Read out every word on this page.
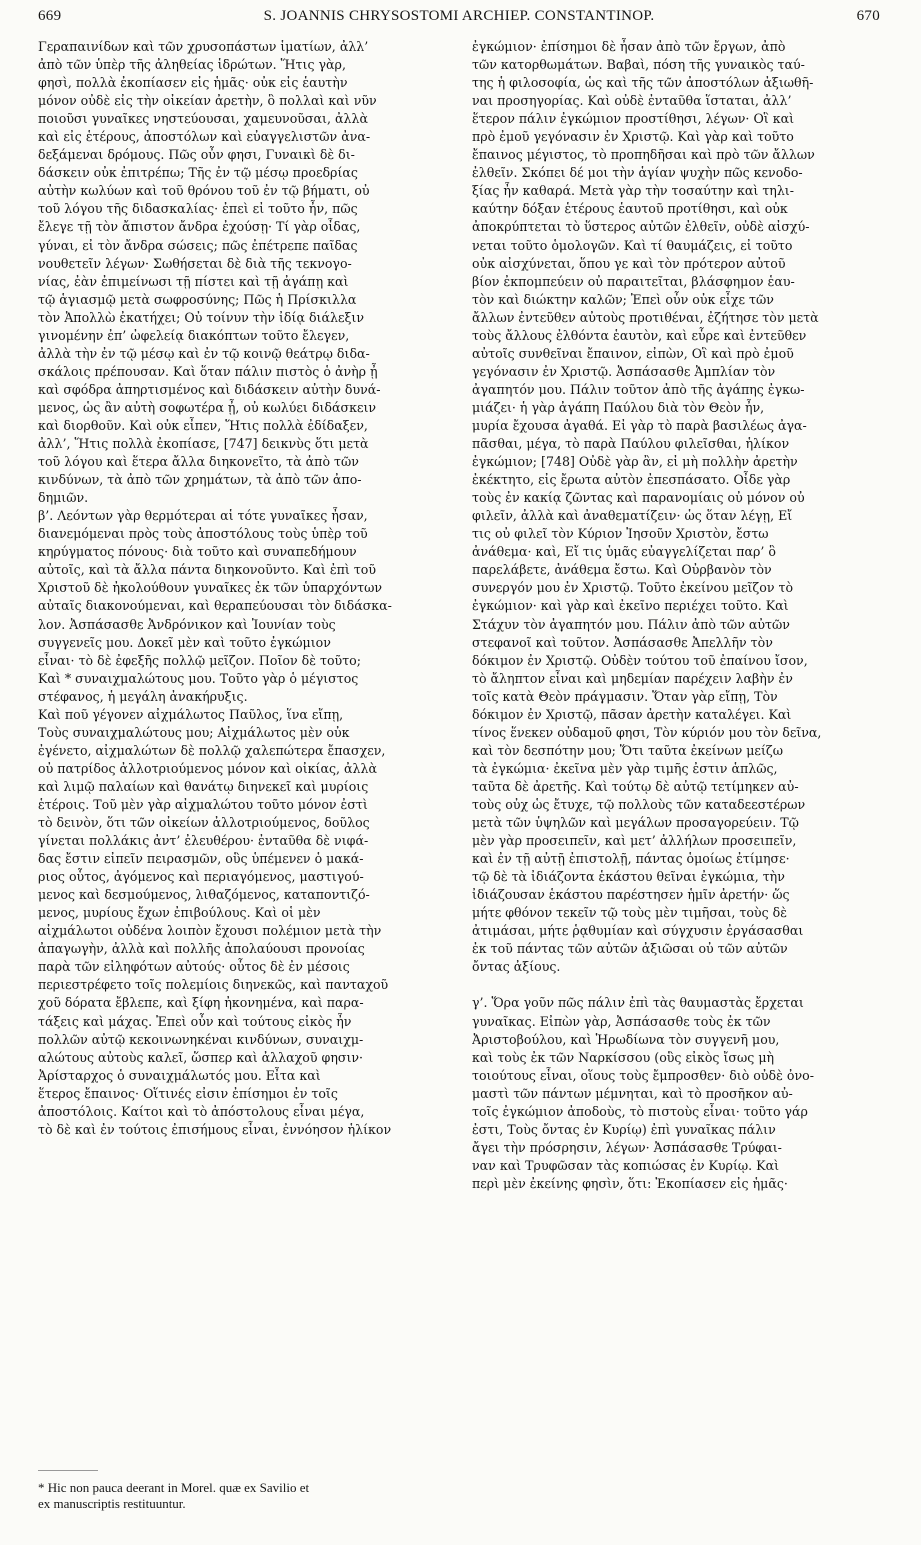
669	S. JOANNIS CHRYSOSTOMI ARCHIEP. CONSTANTINOP.	670
Γεραπαινίδων καὶ τῶν χρυσοπάστων ἱματίων, ἀλλ’
ἀπὸ τῶν ὑπὲρ τῆς ἀληθείας ἱδρώτων. Ἥτις γὰρ,
φησὶ, πολλὰ ἐκοπίασεν εἰς ἡμᾶς· οὐκ εἰς ἑαυτὴν
μόνον οὐδὲ εἰς τὴν οἰκείαν ἀρετὴν, ὃ πολλαὶ καὶ νῦν
ποιοῦσι γυναῖκες νηστεύουσαι, χαμευνοῦσαι, ἀλλὰ
καὶ εἰς ἑτέρους, ἀποστόλων καὶ εὐαγγελιστῶν ἀνα-
δεξάμεναι δρόμους. Πῶς οὖν φησι, Γυναικὶ δὲ δι-
δάσκειν οὐκ ἐπιτρέπω; Τῆς ἐν τῷ μέσῳ προεδρίας
αὐτὴν κωλύων καὶ τοῦ θρόνου τοῦ ἐν τῷ βήματι, οὐ
τοῦ λόγου τῆς διδασκαλίας· ἐπεὶ εἰ τοῦτο ἦν, πῶς
ἔλεγε τῇ τὸν ἄπιστον ἄνδρα ἐχούσῃ· Τί γὰρ οἶδας,
γύναι, εἰ τὸν ἄνδρα σώσεις; πῶς ἐπέτρεπε παῖδας
νουθετεῖν λέγων· Σωθήσεται δὲ διὰ τῆς τεκνογο-
νίας, ἐὰν ἐπιμείνωσι τῇ πίστει καὶ τῇ ἀγάπῃ καὶ
τῷ ἁγιασμῷ μετὰ σωφροσύνης; Πῶς ἡ Πρίσκιλλα
τὸν Ἀπολλὼ ἐκατήχει; Οὐ τοίνυν τὴν ἰδίᾳ διάλεξιν
γινομένην ἐπ’ ὠφελείᾳ διακόπτων τοῦτο ἔλεγεν,
ἀλλὰ τὴν ἐν τῷ μέσῳ καὶ ἐν τῷ κοινῷ θεάτρῳ διδα-
σκάλοις πρέπουσαν. Καὶ ὅταν πάλιν πιστὸς ὁ ἀνὴρ ᾖ
καὶ σφόδρα ἀπηρτισμένος καὶ διδάσκειν αὐτὴν δυνά-
μενος, ὡς ἂν αὐτὴ σοφωτέρα ᾖ, οὐ κωλύει διδάσκειν
καὶ διορθοῦν. Καὶ οὐκ εἶπεν, Ἥτις πολλὰ ἐδίδαξεν,
ἀλλ’, Ἥτις πολλὰ ἐκοπίασε, [747] δεικνὺς ὅτι μετὰ
τοῦ λόγου καὶ ἕτερα ἄλλα διηκονεῖτο, τὰ ἀπὸ τῶν
κινδύνων, τὰ ἀπὸ τῶν χρημάτων, τὰ ἀπὸ τῶν ἀπο-
δημιῶν.
β’. Λεόντων γὰρ θερμότεραι αἱ τότε γυναῖκες ἦσαν,
διανεμόμεναι πρὸς τοὺς ἀποστόλους τοὺς ὑπὲρ τοῦ
κηρύγματος πόνους· διὰ τοῦτο καὶ συναπεδήμουν
αὐτοῖς, καὶ τὰ ἄλλα πάντα διηκονοῦντο. Καὶ ἐπὶ τοῦ
Χριστοῦ δὲ ἠκολούθουν γυναῖκες ἐκ τῶν ὑπαρχόντων
αὐταῖς διακονούμεναι, καὶ θεραπεύουσαι τὸν διδάσκα-
λον. Ἀσπάσασθε Ἀνδρόνικον καὶ Ἰουνίαν τοὺς
συγγενεῖς μου. Δοκεῖ μὲν καὶ τοῦτο ἐγκώμιον
εἶναι· τὸ δὲ ἐφεξῆς πολλῷ μεῖζον. Ποῖον δὲ τοῦτο;
Καὶ * συναιχμαλώτους μου. Τοῦτο γὰρ ὁ μέγιστος
στέφανος, ἡ μεγάλη ἀνακήρυξις.
Καὶ ποῦ γέγονεν αἰχμάλωτος Παῦλος, ἵνα εἴπῃ,
Τοὺς συναιχμαλώτους μου; Αἰχμάλωτος μὲν οὐκ
ἐγένετο, αἰχμαλώτων δὲ πολλῷ χαλεπώτερα ἔπασχεν,
οὐ πατρίδος ἀλλοτριούμενος μόνον καὶ οἰκίας, ἀλλὰ
καὶ λιμῷ παλαίων καὶ θανάτῳ διηνεκεῖ καὶ μυρίοις
ἑτέροις. Τοῦ μὲν γὰρ αἰχμαλώτου τοῦτο μόνον ἐστὶ
τὸ δεινὸν, ὅτι τῶν οἰκείων ἀλλοτριούμενος, δοῦλος
γίνεται πολλάκις ἀντ’ ἐλευθέρου· ἐνταῦθα δὲ νιφά-
δας ἔστιν εἰπεῖν πειρασμῶν, οὓς ὑπέμενεν ὁ μακά-
ριος οὗτος, ἀγόμενος καὶ περιαγόμενος, μαστιγού-
μενος καὶ δεσμούμενος, λιθαζόμενος, καταποντιζό-
μενος, μυρίους ἔχων ἐπιβούλους. Καὶ οἱ μὲν
αἰχμάλωτοι οὐδένα λοιπὸν ἔχουσι πολέμιον μετὰ τὴν
ἀπαγωγὴν, ἀλλὰ καὶ πολλῆς ἀπολαύουσι προνοίας
παρὰ τῶν εἰληφότων αὐτούς· οὗτος δὲ ἐν μέσοις
περιεστρέφετο τοῖς πολεμίοις διηνεκῶς, καὶ πανταχοῦ
χοῦ δόρατα ἔβλεπε, καὶ ξίφη ἠκονημένα, καὶ παρα-
τάξεις καὶ μάχας. Ἐπεὶ οὖν καὶ τούτους εἰκὸς ἦν
πολλῶν αὐτῷ κεκοινωνηκέναι κινδύνων, συναιχμ-
αλώτους αὐτοὺς καλεῖ, ὥσπερ καὶ ἀλλαχοῦ φησιν·
Ἀρίσταρχος ὁ συναιχμάλωτός μου. Εἶτα καὶ
ἕτερος ἔπαινος· Οἵτινές εἰσιν ἐπίσημοι ἐν τοῖς
ἀποστόλοις. Καίτοι καὶ τὸ ἀπόστολους εἶναι μέγα,
τὸ δὲ καὶ ἐν τούτοις ἐπισήμους εἶναι, ἐννόησον ἡλίκον
ἐγκώμιον· ἐπίσημοι δὲ ἦσαν ἀπὸ τῶν ἔργων, ἀπὸ
τῶν κατορθωμάτων. Βαβαὶ, πόση τῆς γυναικὸς ταύ-
της ἡ φιλοσοφία, ὡς καὶ τῆς τῶν ἀποστόλων ἀξιωθῆ-
ναι προσηγορίας. Καὶ οὐδὲ ἐνταῦθα ἵσταται, ἀλλ’
ἕτερον πάλιν ἐγκώμιον προστίθησι, λέγων· Οἳ καὶ
πρὸ ἐμοῦ γεγόνασιν ἐν Χριστῷ. Καὶ γὰρ καὶ τοῦτο
ἔπαινος μέγιστος, τὸ προπηδῆσαι καὶ πρὸ τῶν ἄλλων
ἐλθεῖν. Σκόπει δέ μοι τὴν ἁγίαν ψυχὴν πῶς κενοδο-
ξίας ἦν καθαρά. Μετὰ γὰρ τὴν τοσαύτην καὶ τηλι-
καύτην δόξαν ἑτέρους ἑαυτοῦ προτίθησι, καὶ οὐκ
ἀποκρύπτεται τὸ ὕστερος αὐτῶν ἐλθεῖν, οὐδὲ αἰσχύ-
νεται τοῦτο ὁμολογῶν. Καὶ τί θαυμάζεις, εἰ τοῦτο
οὐκ αἰσχύνεται, ὅπου γε καὶ τὸν πρότερον αὐτοῦ
βίον ἐκπομπεύειν οὐ παραιτεῖται, βλάσφημον ἑαυ-
τὸν καὶ διώκτην καλῶν; Ἐπεὶ οὖν οὐκ εἶχε τῶν
ἄλλων ἐντεῦθεν αὐτοὺς προτιθέναι, ἐζήτησε τὸν μετὰ
τοὺς ἄλλους ἐλθόντα ἑαυτὸν, καὶ εὗρε καὶ ἐντεῦθεν
αὐτοῖς συνθεῖναι ἔπαινον, εἰπὼν, Οἳ καὶ πρὸ ἐμοῦ
γεγόνασιν ἐν Χριστῷ. Ἀσπάσασθε Ἀμπλίαν τὸν
ἀγαπητόν μου. Πάλιν τοῦτον ἀπὸ τῆς ἀγάπης ἐγκω-
μιάζει· ἡ γὰρ ἀγάπη Παύλου διὰ τὸν Θεὸν ἦν,
μυρία ἔχουσα ἀγαθά. Εἰ γὰρ τὸ παρὰ βασιλέως ἀγα-
πᾶσθαι, μέγα, τὸ παρὰ Παύλου φιλεῖσθαι, ἡλίκον
ἐγκώμιον; [748] Οὐδὲ γὰρ ἂν, εἰ μὴ πολλὴν ἀρετὴν
ἐκέκτητο, εἰς ἔρωτα αὐτὸν ἐπεσπάσατο. Οἶδε γὰρ
τοὺς ἐν κακίᾳ ζῶντας καὶ παρανομίαις οὐ μόνον οὐ
φιλεῖν, ἀλλὰ καὶ ἀναθεματίζειν· ὡς ὅταν λέγῃ, Εἴ
τις οὐ φιλεῖ τὸν Κύριον Ἰησοῦν Χριστὸν, ἔστω
ἀνάθεμα· καὶ, Εἴ τις ὑμᾶς εὐαγγελίζεται παρ’ ὃ
παρελάβετε, ἀνάθεμα ἔστω. Καὶ Οὐρβανὸν τὸν
συνεργόν μου ἐν Χριστῷ. Τοῦτο ἐκείνου μεῖζον τὸ
ἐγκώμιον· καὶ γὰρ καὶ ἐκεῖνο περιέχει τοῦτο. Καὶ
Στάχυν τὸν ἀγαπητόν μου. Πάλιν ἀπὸ τῶν αὐτῶν
στεφανοῖ καὶ τοῦτον. Ἀσπάσασθε Ἀπελλῆν τὸν
δόκιμον ἐν Χριστῷ. Οὐδὲν τούτου τοῦ ἐπαίνου ἴσον,
τὸ ἄληπτον εἶναι καὶ μηδεμίαν παρέχειν λαβὴν ἐν
τοῖς κατὰ Θεὸν πράγμασιν. Ὅταν γὰρ εἴπῃ, Τὸν
δόκιμον ἐν Χριστῷ, πᾶσαν ἀρετὴν καταλέγει. Καὶ
τίνος ἕνεκεν οὐδαμοῦ φησι, Τὸν κύριόν μου τὸν δεῖνα,
καὶ τὸν δεσπότην μου; Ὅτι ταῦτα ἐκείνων μείζω
τὰ ἐγκώμια· ἐκεῖνα μὲν γὰρ τιμῆς ἐστιν ἁπλῶς,
ταῦτα δὲ ἀρετῆς. Καὶ τούτῳ δὲ αὐτῷ τετίμηκεν αὐ-
τοὺς οὐχ ὡς ἔτυχε, τῷ πολλοὺς τῶν καταδεεστέρων
μετὰ τῶν ὑψηλῶν καὶ μεγάλων προσαγορεύειν. Τῷ
μὲν γὰρ προσειπεῖν, καὶ μετ’ ἀλλήλων προσειπεῖν,
καὶ ἐν τῇ αὐτῇ ἐπιστολῇ, πάντας ὁμοίως ἐτίμησε·
τῷ δὲ τὰ ἰδιάζοντα ἑκάστου θεῖναι ἐγκώμια, τὴν
ἰδιάζουσαν ἑκάστου παρέστησεν ἡμῖν ἀρετήν· ὥς
μήτε φθόνον τεκεῖν τῷ τοὺς μὲν τιμῆσαι, τοὺς δὲ
ἀτιμάσαι, μήτε ῥᾳθυμίαν καὶ σύγχυσιν ἐργάσασθαι
ἐκ τοῦ πάντας τῶν αὐτῶν ἀξιῶσαι οὐ τῶν αὐτῶν
ὄντας ἀξίους.

γ’. Ὅρα γοῦν πῶς πάλιν ἐπὶ τὰς θαυμαστὰς ἔρχεται
γυναῖκας. Εἰπὼν γὰρ, Ἀσπάσασθε τοὺς ἐκ τῶν
Ἀριστοβούλου, καὶ Ἡρωδίωνα τὸν συγγενῆ μου,
καὶ τοὺς ἐκ τῶν Ναρκίσσου (οὓς εἰκὸς ἴσως μὴ
τοιούτους εἶναι, οἵους τοὺς ἔμπροσθεν· διὸ οὐδὲ ὀνο-
μαστὶ τῶν πάντων μέμνηται, καὶ τὸ προσῆκον αὐ-
τοῖς ἐγκώμιον ἀποδοὺς, τὸ πιστοὺς εἶναι· τοῦτο γάρ
ἐστι, Τοὺς ὄντας ἐν Κυρίῳ) ἐπὶ γυναῖκας πάλιν
ἄγει τὴν πρόσρησιν, λέγων· Ἀσπάσασθε Τρύφαι-
ναν καὶ Τρυφῶσαν τὰς κοπιώσας ἐν Κυρίῳ. Καὶ
περὶ μὲν ἐκείνης φησὶν, ὅτι: Ἐκοπίασεν εἰς ἡμᾶς·
* Hic non pauca deerant in Morel. quæ ex Savilio et
ex manuscriptis restituuntur.
